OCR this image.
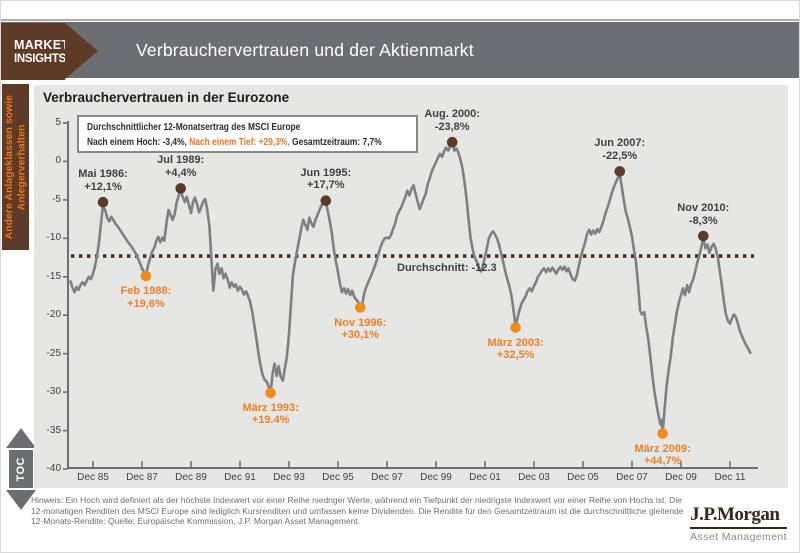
Verbrauchervertrauen und der Aktienmarkt
MARKET
INSIGHTS
Andere Anlageklassen sowie
Anlegerverhalten
TOC
Verbrauchervertrauen in der Eurozone
5
0
-5
-10
-15
-20
-25
-30
-35
-40
Dec 85	Dec 87	Dec 89	Dec 91	Dec 93	Dec 95	Dec 97	Dec 99	Dec 01	Dec 03	Dec 05	Dec 07	Dec 09	Dec 11
Durchschnittlicher 12-Monatsertrag des MSCI Europe
Nach einem Hoch: -3,4%, Nach einem Tief: +29,3%, Gesamtzeitraum: 7,7%
Durchschnitt: -12.3
Mai 1986:
+12,1%
Feb 1988:
+19,6%
Jul 1989:
+4,4%
März 1993:
+19.4%
Jun 1995:
+17,7%
Nov 1996:
+30,1%
Aug. 2000:
-23,8%
März 2003:
+32,5%
Jun 2007:
-22,5%
März 2009:
+44,7%
Nov 2010:
-8,3%
Hinweis: Ein Hoch wird definiert als der höchste Indexwert vor einer Reihe niedriger Werte, während ein Tiefpunkt der niedrigste Indexwert vor einer Reihe von Hochs ist. Die 12-monatigen Renditen des MSCI Europe sind lediglich Kursrenditen und umfassen keine Dividenden. Die Rendite für den Gesamtzeitraum ist die durchschnittliche gleitende 12-Monats-Rendite: Quelle: Europäische Kommission, J.P. Morgan Asset Management.	J.P.Morgan
Asset Management
